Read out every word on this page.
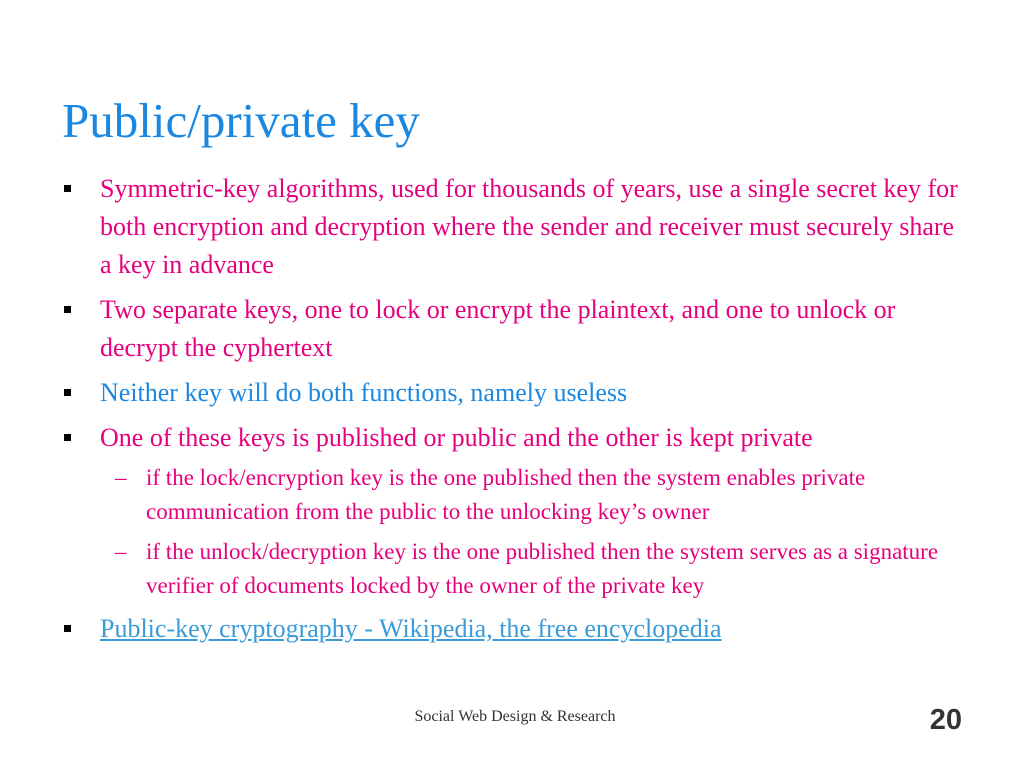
Public/private key
Symmetric-key algorithms, used for thousands of years, use a single secret key for both encryption and decryption where the sender and receiver must securely share a key in advance
Two separate keys, one to lock or encrypt the plaintext, and one to unlock or decrypt the cyphertext
Neither key will do both functions, namely useless
One of these keys is published or public and the other is kept private
– if the lock/encryption key is the one published then the system enables private communication from the public to the unlocking key’s owner
– if the unlock/decryption key is the one published then the system serves as a signature verifier of documents locked by the owner of the private key
Public-key cryptography - Wikipedia, the free encyclopedia
Social Web Design & Research	20
